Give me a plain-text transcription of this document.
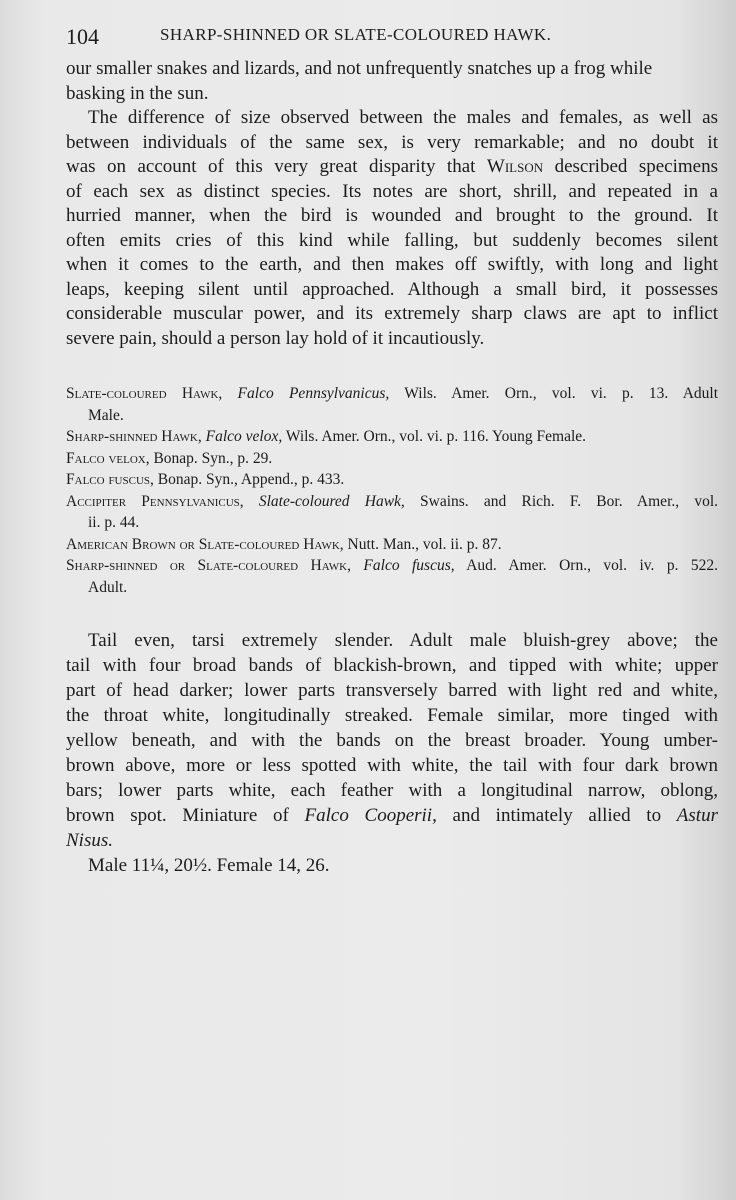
104	SHARP-SHINNED OR SLATE-COLOURED HAWK.
our smaller snakes and lizards, and not unfrequently snatches up a frog while
basking in the sun.
The difference of size observed between the males and females, as well as
between individuals of the same sex, is very remarkable; and no doubt it
was on account of this very great disparity that Wilson described specimens
of each sex as distinct species. Its notes are short, shrill, and repeated in a
hurried manner, when the bird is wounded and brought to the ground. It
often emits cries of this kind while falling, but suddenly becomes silent
when it comes to the earth, and then makes off swiftly, with long and light
leaps, keeping silent until approached. Although a small bird, it possesses
considerable muscular power, and its extremely sharp claws are apt to inflict
severe pain, should a person lay hold of it incautiously.
Slate-coloured Hawk, Falco Pennsylvanicus, Wils. Amer. Orn., vol. vi. p. 13. Adult
Male.
Sharp-shinned Hawk, Falco velox, Wils. Amer. Orn., vol. vi. p. 116. Young Female.
Falco velox, Bonap. Syn., p. 29.
Falco fuscus, Bonap. Syn., Append., p. 433.
Accipiter Pennsylvanicus, Slate-coloured Hawk, Swains. and Rich. F. Bor. Amer., vol.
ii. p. 44.
American Brown or Slate-coloured Hawk, Nutt. Man., vol. ii. p. 87.
Sharp-shinned or Slate-coloured Hawk, Falco fuscus, Aud. Amer. Orn., vol. iv. p. 522.
Adult.
Tail even, tarsi extremely slender. Adult male bluish-grey above; the
tail with four broad bands of blackish-brown, and tipped with white; upper
part of head darker; lower parts transversely barred with light red and white,
the throat white, longitudinally streaked. Female similar, more tinged with
yellow beneath, and with the bands on the breast broader. Young umber-
brown above, more or less spotted with white, the tail with four dark brown
bars; lower parts white, each feather with a longitudinal narrow, oblong,
brown spot. Miniature of Falco Cooperii, and intimately allied to Astur
Nisus.
Male 11¼, 20½. Female 14, 26.
